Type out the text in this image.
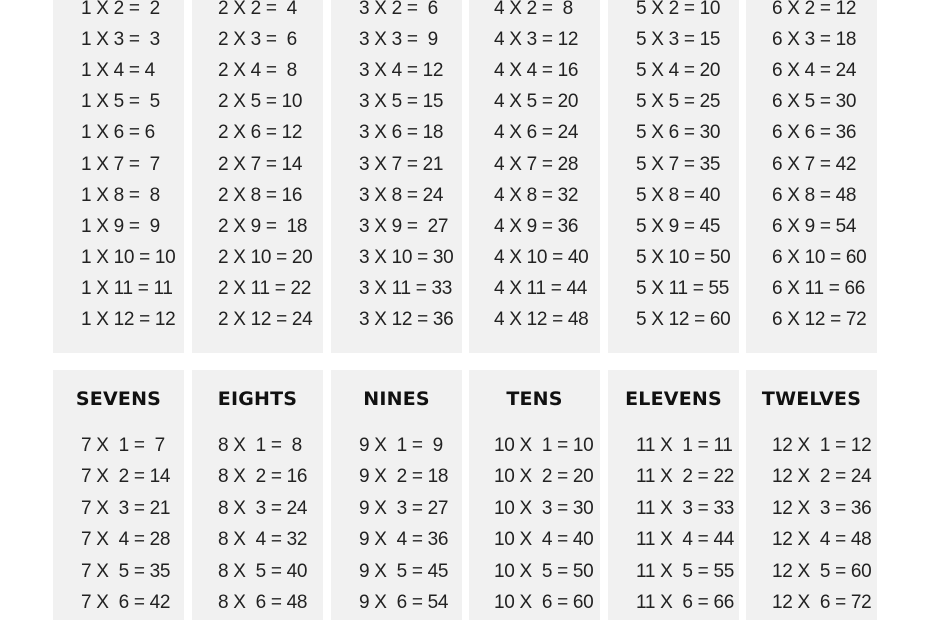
1 X 2 =  2
1 X 3 =  3
1 X 4 = 4
1 X 5 =  5
1 X 6 = 6
1 X 7 =  7
1 X 8 =  8
1 X 9 =  9
1 X 10 = 10
1 X 11 = 11
1 X 12 = 12
2 X 2 =  4
2 X 3 =  6
2 X 4 =  8
2 X 5 = 10
2 X 6 = 12
2 X 7 = 14
2 X 8 = 16
2 X 9 =  18
2 X 10 = 20
2 X 11 = 22
2 X 12 = 24
3 X 2 =  6
3 X 3 =  9
3 X 4 = 12
3 X 5 = 15
3 X 6 = 18
3 X 7 = 21
3 X 8 = 24
3 X 9 =  27
3 X 10 = 30
3 X 11 = 33
3 X 12 = 36
4 X 2 =  8
4 X 3 = 12
4 X 4 = 16
4 X 5 = 20
4 X 6 = 24
4 X 7 = 28
4 X 8 = 32
4 X 9 = 36
4 X 10 = 40
4 X 11 = 44
4 X 12 = 48
5 X 2 = 10
5 X 3 = 15
5 X 4 = 20
5 X 5 = 25
5 X 6 = 30
5 X 7 = 35
5 X 8 = 40
5 X 9 = 45
5 X 10 = 50
5 X 11 = 55
5 X 12 = 60
6 X 2 = 12
6 X 3 = 18
6 X 4 = 24
6 X 5 = 30
6 X 6 = 36
6 X 7 = 42
6 X 8 = 48
6 X 9 = 54
6 X 10 = 60
6 X 11 = 66
6 X 12 = 72
SEVENS
7 X  1 =  7
7 X  2 = 14
7 X  3 = 21
7 X  4 = 28
7 X  5 = 35
7 X  6 = 42
EIGHTS
8 X  1 =  8
8 X  2 = 16
8 X  3 = 24
8 X  4 = 32
8 X  5 = 40
8 X  6 = 48
NINES
9 X  1 =  9
9 X  2 = 18
9 X  3 = 27
9 X  4 = 36
9 X  5 = 45
9 X  6 = 54
TENS
10 X  1 = 10
10 X  2 = 20
10 X  3 = 30
10 X  4 = 40
10 X  5 = 50
10 X  6 = 60
ELEVENS
11 X  1 = 11
11 X  2 = 22
11 X  3 = 33
11 X  4 = 44
11 X  5 = 55
11 X  6 = 66
TWELVES
12 X  1 = 12
12 X  2 = 24
12 X  3 = 36
12 X  4 = 48
12 X  5 = 60
12 X  6 = 72
